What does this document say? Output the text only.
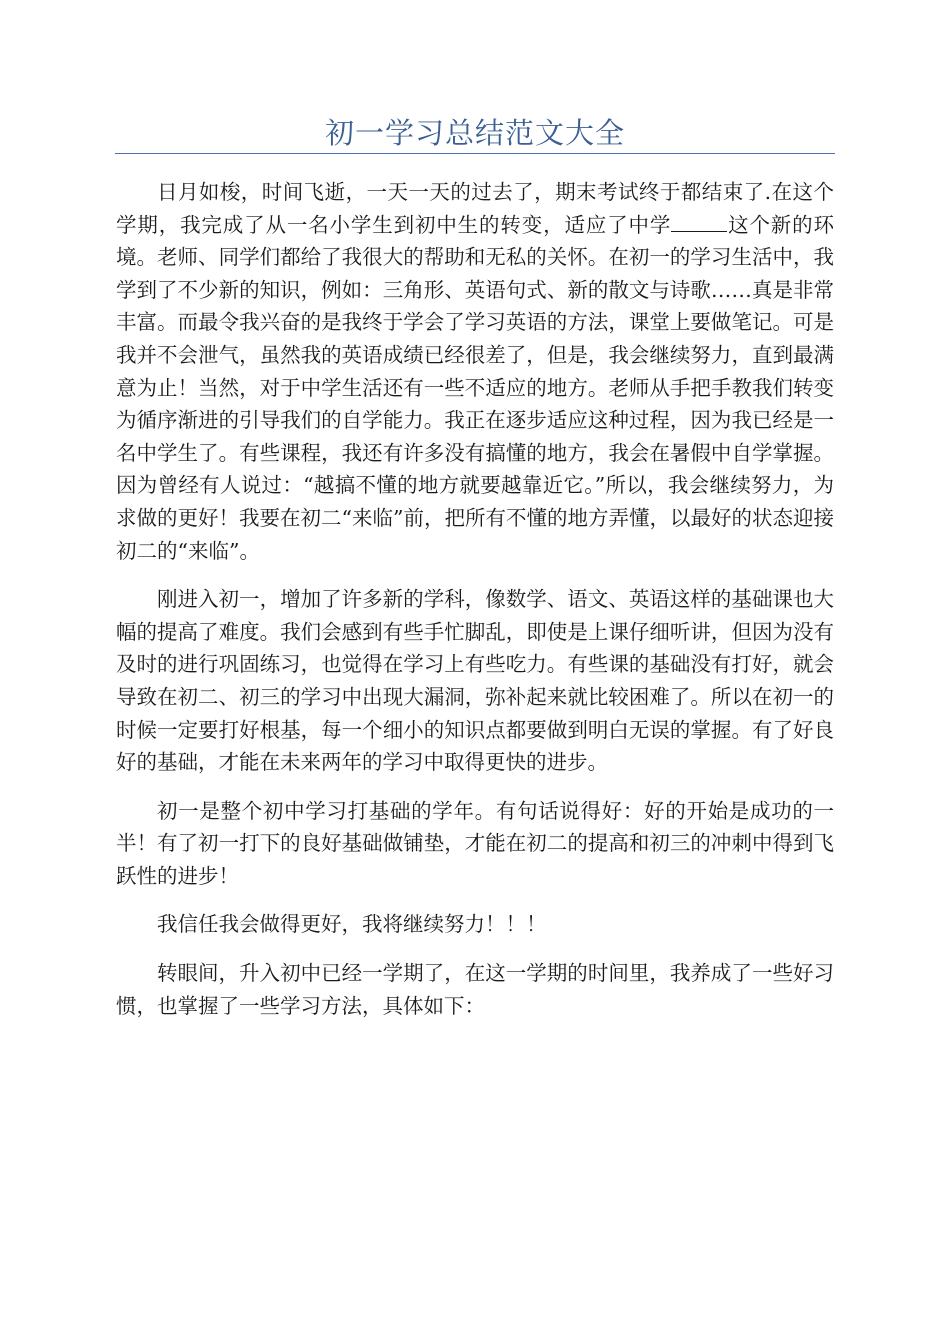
初一学习总结范文大全

日月如梭，时间飞逝，一天一天的过去了，期末考试终于都结束了.在这个学期，我完成了从一名小学生到初中生的转变，适应了中学	这个新的环境。老师、同学们都给了我很大的帮助和无私的关怀。在初一的学习生活中，我学到了不少新的知识，例如：三角形、英语句式、新的散文与诗歌……真是非常丰富。而最令我兴奋的是我终于学会了学习英语的方法，课堂上要做笔记。可是我并不会泄气，虽然我的英语成绩已经很差了，但是，我会继续努力，直到最满意为止！当然，对于中学生活还有一些不适应的地方。老师从手把手教我们转变为循序渐进的引导我们的自学能力。我正在逐步适应这种过程，因为我已经是一名中学生了。有些课程，我还有许多没有搞懂的地方，我会在暑假中自学掌握。因为曾经有人说过：“越搞不懂的地方就要越靠近它。”所以，我会继续努力，为求做的更好！我要在初二“来临”前，把所有不懂的地方弄懂，以最好的状态迎接初二的“来临”。

刚进入初一，增加了许多新的学科，像数学、语文、英语这样的基础课也大幅的提高了难度。我们会感到有些手忙脚乱，即使是上课仔细听讲，但因为没有及时的进行巩固练习，也觉得在学习上有些吃力。有些课的基础没有打好，就会导致在初二、初三的学习中出现大漏洞，弥补起来就比较困难了。所以在初一的时候一定要打好根基，每一个细小的知识点都要做到明白无误的掌握。有了好良好的基础，才能在未来两年的学习中取得更快的进步。

初一是整个初中学习打基础的学年。有句话说得好：好的开始是成功的一半！有了初一打下的良好基础做铺垫，才能在初二的提高和初三的冲刺中得到飞跃性的进步！

我信任我会做得更好，我将继续努力！！！

转眼间，升入初中已经一学期了，在这一学期的时间里，我养成了一些好习惯，也掌握了一些学习方法，具体如下：
